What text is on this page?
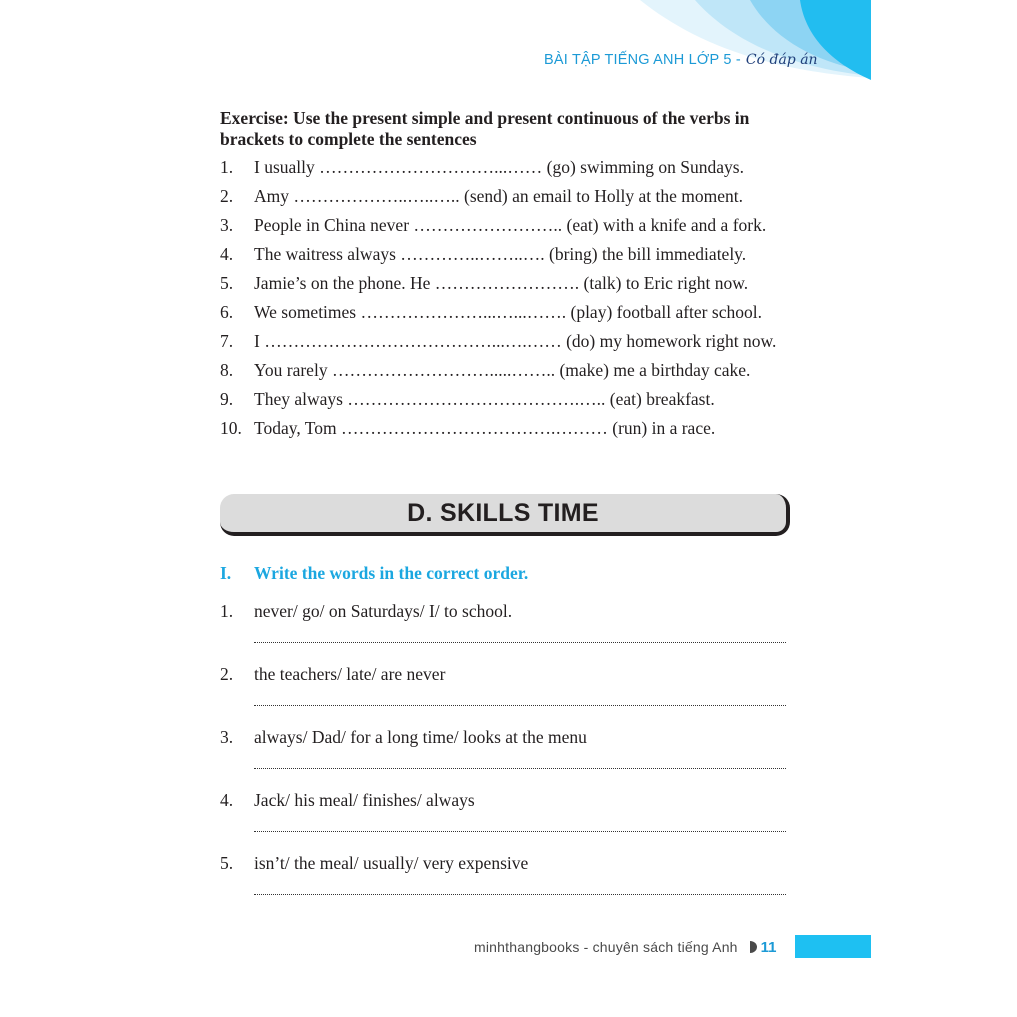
BÀI TẬP TIẾNG ANH LỚP 5 - Có đáp án

Exercise: Use the present simple and present continuous of the verbs in brackets to complete the sentences

1.	I usually …………………………...…… (go) swimming on Sundays.
2.	Amy ………………..…..….. (send) an email to Holly at the moment.
3.	People in China never …………………….. (eat) with a knife and a fork.
4.	The waitress always …………..……..…. (bring) the bill immediately.
5.	Jamie’s on the phone. He ……………………. (talk) to Eric right now.
6.	We sometimes …………………...…...……. (play) football after school.
7.	I …………………………………...….…… (do) my homework right now.
8.	You rarely ……………………….....…….. (make) me a birthday cake.
9.	They always ………………………………….….. (eat) breakfast.
10. Today, Tom ……………………………….……… (run) in a race.
D. SKILLS TIME
I.	Write the words in the correct order.
1.	never/ go/ on Saturdays/ I/ to school.
2.	the teachers/ late/ are never
3.	always/ Dad/ for a long time/ looks at the menu
4.	Jack/ his meal/ finishes/ always
5.	isn’t/ the meal/ usually/ very expensive
minhthangbooks - chuyên sách tiếng Anh 11
